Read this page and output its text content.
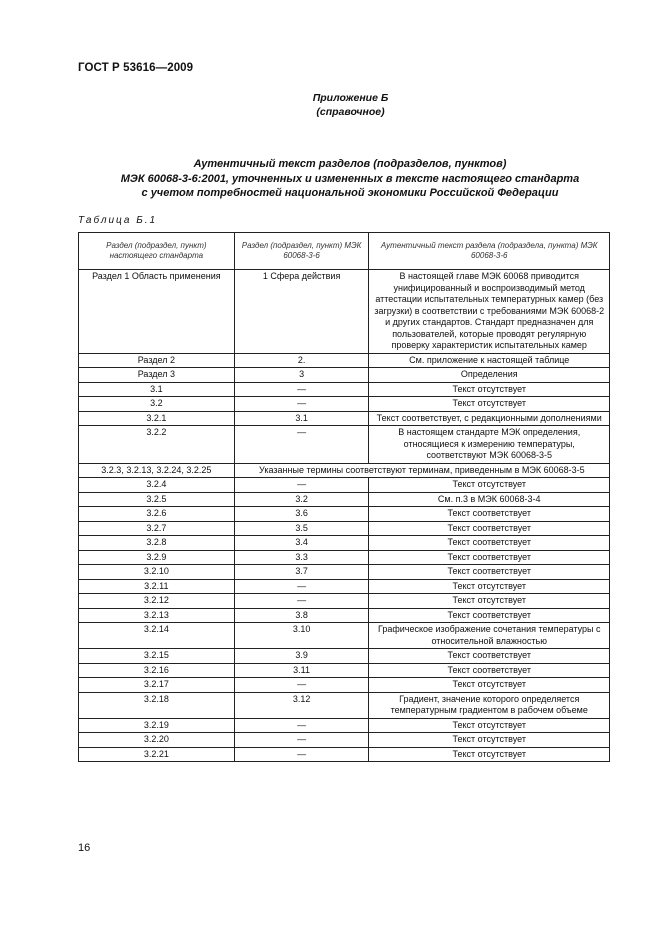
ГОСТ Р 53616—2009
Приложение Б
(справочное)
Аутентичный текст разделов (подразделов, пунктов)
МЭК 60068-3-6:2001, уточненных и измененных в тексте настоящего стандарта
с учетом потребностей национальной экономики Российской Федерации
Таблица Б.1
Раздел (подраздел, пункт) настоящего стандарта	Раздел (подраздел, пункт) МЭК 60068-3-6	Аутентичный текст раздела (подраздела, пункта) МЭК 60068-3-6
Раздел 1 Область применения	1 Сфера действия	В настоящей главе МЭК 60068 приводится унифицированный и воспроизводимый метод аттестации испытательных температурных камер (без загрузки) в соответствии с требованиями МЭК 60068-2 и других стандартов. Стандарт предназначен для пользователей, которые проводят регулярную проверку характеристик испытательных камер
Раздел 2	2.	См. приложение к настоящей таблице
Раздел 3	3	Определения
3.1	—	Текст отсутствует
3.2	—	Текст отсутствует
3.2.1	3.1	Текст соответствует, с редакционными дополнениями
3.2.2	—	В настоящем стандарте МЭК определения, относящиеся к измерению температуры, соответствуют МЭК 60068-3-5
3.2.3, 3.2.13, 3.2.24, 3.2.25	Указанные термины соответствуют терминам, приведенным в МЭК 60068-3-5	
3.2.4	—	Текст отсутствует
3.2.5	3.2	См. п.3 в МЭК 60068-3-4
3.2.6	3.6	Текст соответствует
3.2.7	3.5	Текст соответствует
3.2.8	3.4	Текст соответствует
3.2.9	3.3	Текст соответствует
3.2.10	3.7	Текст соответствует
3.2.11	—	Текст отсутствует
3.2.12	—	Текст отсутствует
3.2.13	3.8	Текст соответствует
3.2.14	3.10	Графическое изображение сочетания температуры с относительной влажностью
3.2.15	3.9	Текст соответствует
3.2.16	3.11	Текст соответствует
3.2.17	—	Текст отсутствует
3.2.18	3.12	Градиент, значение которого определяется температурным градиентом в рабочем объеме
3.2.19	—	Текст отсутствует
3.2.20	—	Текст отсутствует
3.2.21	—	Текст отсутствует
16
